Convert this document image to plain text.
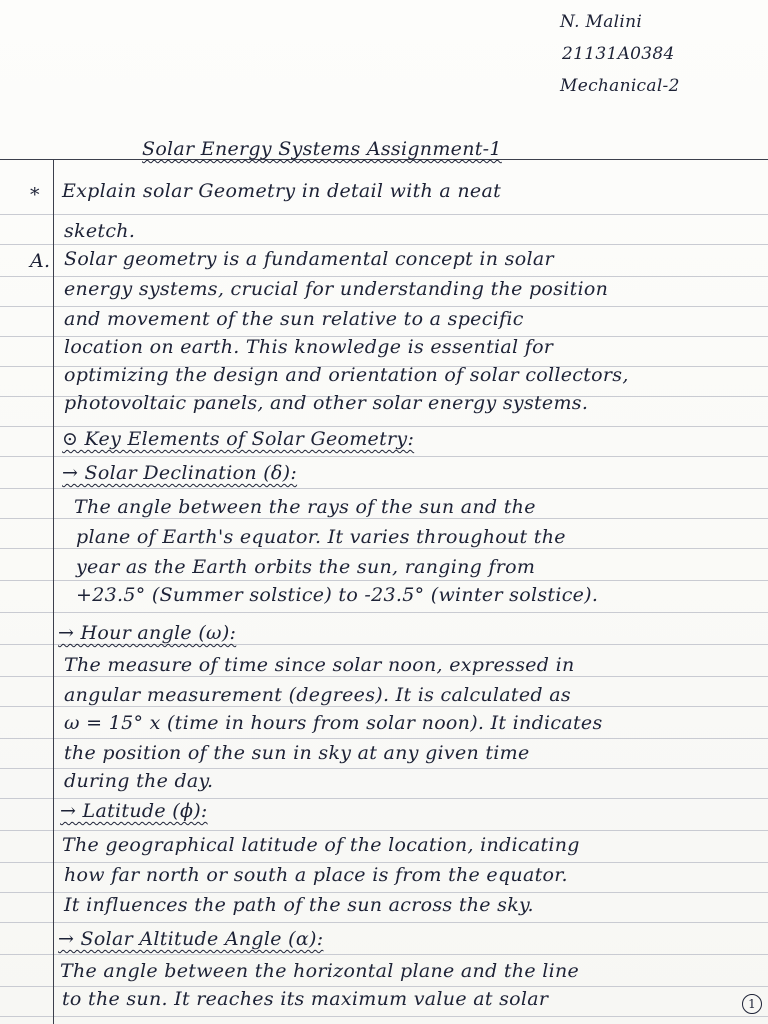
N. Malini
21131A0384
Mechanical-2
Solar Energy Systems Assignment-1
* Explain solar Geometry in detail with a neat
sketch.
A. Solar geometry is a fundamental concept in solar
energy systems, crucial for understanding the position
and movement of the sun relative to a specific
location on earth. This knowledge is essential for
optimizing the design and orientation of solar collectors,
photovoltaic panels, and other solar energy systems.
⊙ Key Elements of Solar Geometry:
→ Solar Declination (δ):
The angle between the rays of the sun and the
plane of Earth's equator. It varies throughout the
year as the Earth orbits the sun, ranging from
+23.5° (Summer solstice) to -23.5° (winter solstice).
→ Hour angle (ω):
The measure of time since solar noon, expressed in
angular measurement (degrees). It is calculated as
ω = 15° x (time in hours from solar noon). It indicates
the position of the sun in sky at any given time
during the day.
→ Latitude (ϕ):
The geographical latitude of the location, indicating
how far north or south a place is from the equator.
It influences the path of the sun across the sky.
→ Solar Altitude Angle (α):
The angle between the horizontal plane and the line
to the sun. It reaches its maximum value at solar	1
